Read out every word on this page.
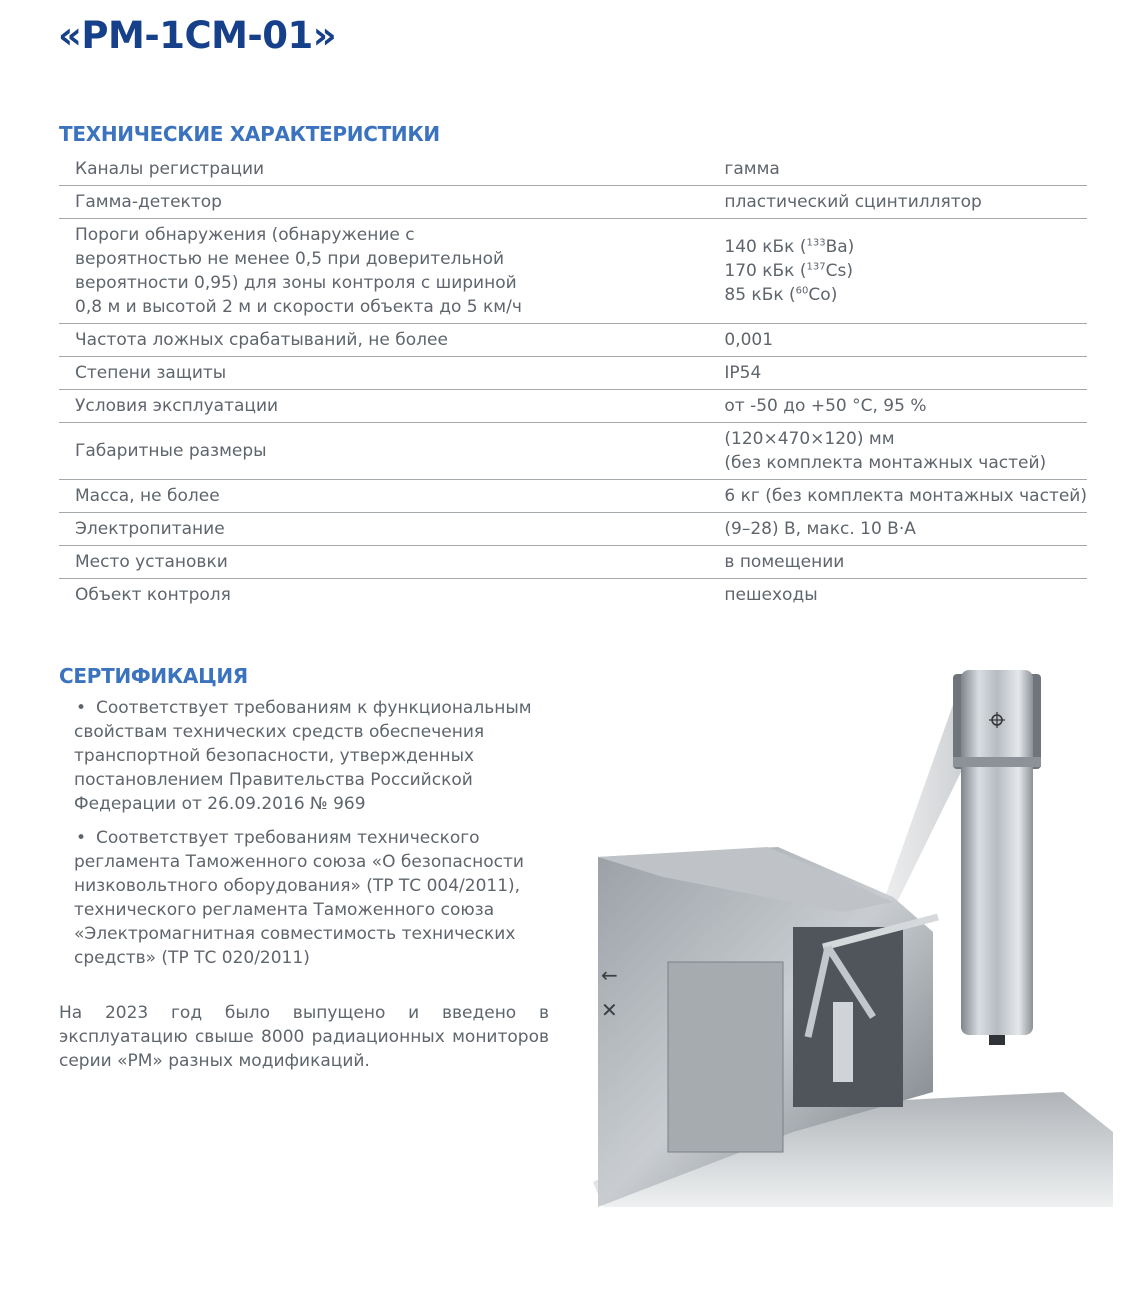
«РМ-1СМ-01»
ТЕХНИЧЕСКИЕ ХАРАКТЕРИСТИКИ
Каналы регистрации	гамма
Гамма-детектор	пластический сцинтиллятор

Пороги обнаружения (обнаружение с вероятностью не менее 0,5 при доверительной вероятности 0,95) для зоны контроля с шириной 0,8 м и высотой 2 м и скорости объекта до 5 км/ч	140 кБк ($^{133}$Ba)
170 кБк ($^{137}$Cs)
85 кБк ($^{60}$Co)

Частота ложных срабатываний, не более	0,001
Степени защиты	IP54
Условия эксплуатации	от -50 до +50 °С, 95 %
Габаритные размеры	(120×470×120) мм
(без комплекта монтажных частей)

Масса, не более	6 кг (без комплекта монтажных частей)
Электропитание	(9–28) В, макс. 10 В·А
Место установки	в помещении
Объект контроля	пешеходы
СЕРТИФИКАЦИЯ
• Соответствует требованиям к функциональным свойствам технических средств обеспечения транспортной безопасности, утвержденных постановлением Правительства Российской Федерации от 26.09.2016 № 969
• Соответствует требованиям технического регламента Таможенного союза «О безопасности низковольтного оборудования» (ТР ТС 004/2011), технического регламента Таможенного союза «Электромагнитная совместимость технических средств» (ТР ТС 020/2011)

На 2023 год было выпущено и введено в эксплуатацию свыше 8000 радиационных мониторов серии «РМ» разных модификаций.

←
✕
